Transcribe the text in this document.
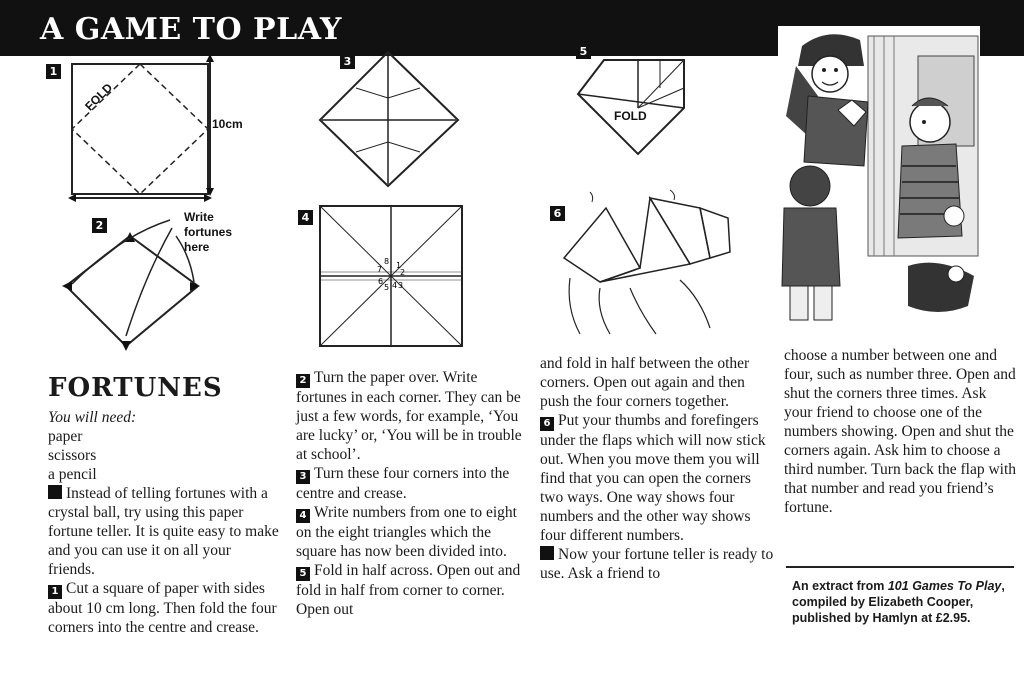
A GAME TO PLAY
1
FOLD
10cm
2
Write
fortunes
here
3
4
1
2
3
4
5
6
7
8
5
FOLD
6
FORTUNES

You will need:

paper

scissors

a pencil

Instead of telling fortunes with a crystal ball, try using this paper fortune teller. It is quite easy to make and you can use it on all your friends.

1 Cut a square of paper with sides about 10 cm long. Then fold the four corners into the centre and crease.

2 Turn the paper over. Write fortunes in each corner. They can be just a few words, for example, ‘You are lucky’ or, ‘You will be in trouble at school’.

3 Turn these four corners into the centre and crease.

4 Write numbers from one to eight on the eight triangles which the square has now been divided into.

5 Fold in half across. Open out and fold in half from corner to corner. Open out

and fold in half between the other corners. Open out again and then push the four corners together.

6 Put your thumbs and forefingers under the flaps which will now stick out. When you move them you will find that you can open the corners two ways. One way shows four numbers and the other way shows four different numbers.

Now your fortune teller is ready to use. Ask a friend to

choose a number between one and four, such as number three. Open and shut the corners three times. Ask your friend to choose one of the numbers showing. Open and shut the corners again. Ask him to choose a third number. Turn back the flap with that number and read you friend’s fortune.

An extract from 101 Games To Play, compiled by Elizabeth Cooper, published by Hamlyn at £2.95.
